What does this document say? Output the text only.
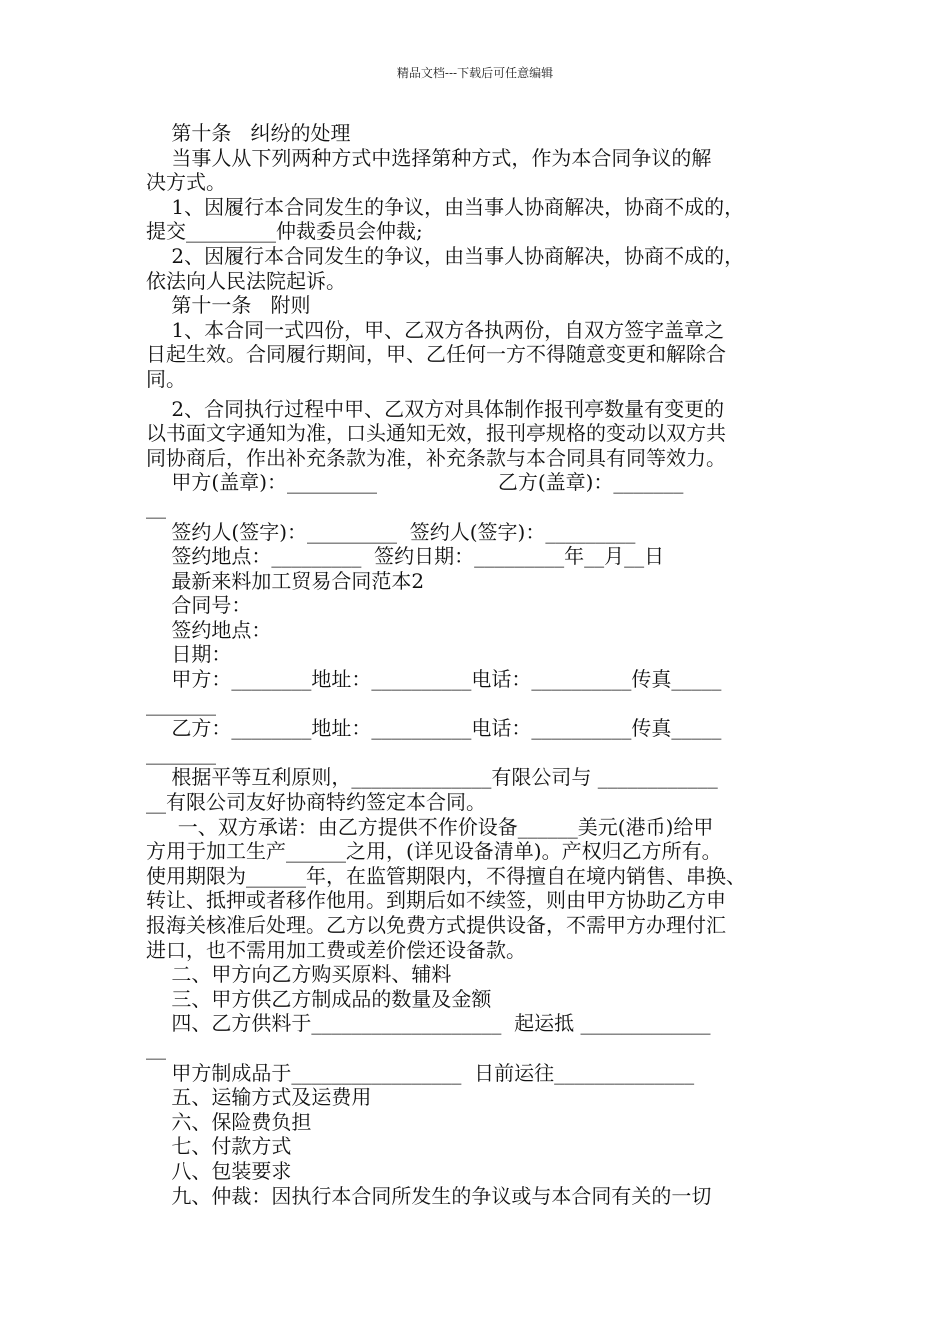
精品文档---下载后可任意编辑
第十条   纠纷的处理
当事人从下列两种方式中选择第种方式，作为本合同争议的解
决方式。
1、因履行本合同发生的争议，由当事人协商解决，协商不成的，
提交_________仲裁委员会仲裁;
2、因履行本合同发生的争议，由当事人协商解决，协商不成的，
依法向人民法院起诉。
第十一条   附则
1、本合同一式四份，甲、乙双方各执两份，自双方签字盖章之
日起生效。合同履行期间，甲、乙任何一方不得随意变更和解除合
同。
2、合同执行过程中甲、乙双方对具体制作报刊亭数量有变更的
以书面文字通知为准，口头通知无效，报刊亭规格的变动以双方共
同协商后，作出补充条款为准，补充条款与本合同具有同等效力。
甲方(盖章)：_________                   乙方(盖章)：_______
__
签约人(签字)：_________  签约人(签字)：_________
签约地点：_________  签约日期：_________年__月__日
最新来料加工贸易合同范本2
合同号：
签约地点：
日期：
甲方：________地址：__________电话：__________传真_____
_______
乙方：________地址：__________电话：__________传真_____
_______
根据平等互利原则，______________有限公司与 ____________
__有限公司友好协商特约签定本合同。
一、双方承诺：由乙方提供不作价设备______美元(港币)给甲
方用于加工生产______之用，(详见设备清单)。产权归乙方所有。
使用期限为______年，在监管期限内，不得擅自在境内销售、串换、
转让、抵押或者移作他用。到期后如不续签，则由甲方协助乙方申
报海关核准后处理。乙方以免费方式提供设备，不需甲方办理付汇
进口，也不需用加工费或差价偿还设备款。
二、甲方向乙方购买原料、辅料
三、甲方供乙方制成品的数量及金额
四、乙方供料于___________________  起运抵 _____________
__
甲方制成品于_________________  日前运往______________
五、运输方式及运费用
六、保险费负担
七、付款方式
八、包装要求
九、仲裁：因执行本合同所发生的争议或与本合同有关的一切
